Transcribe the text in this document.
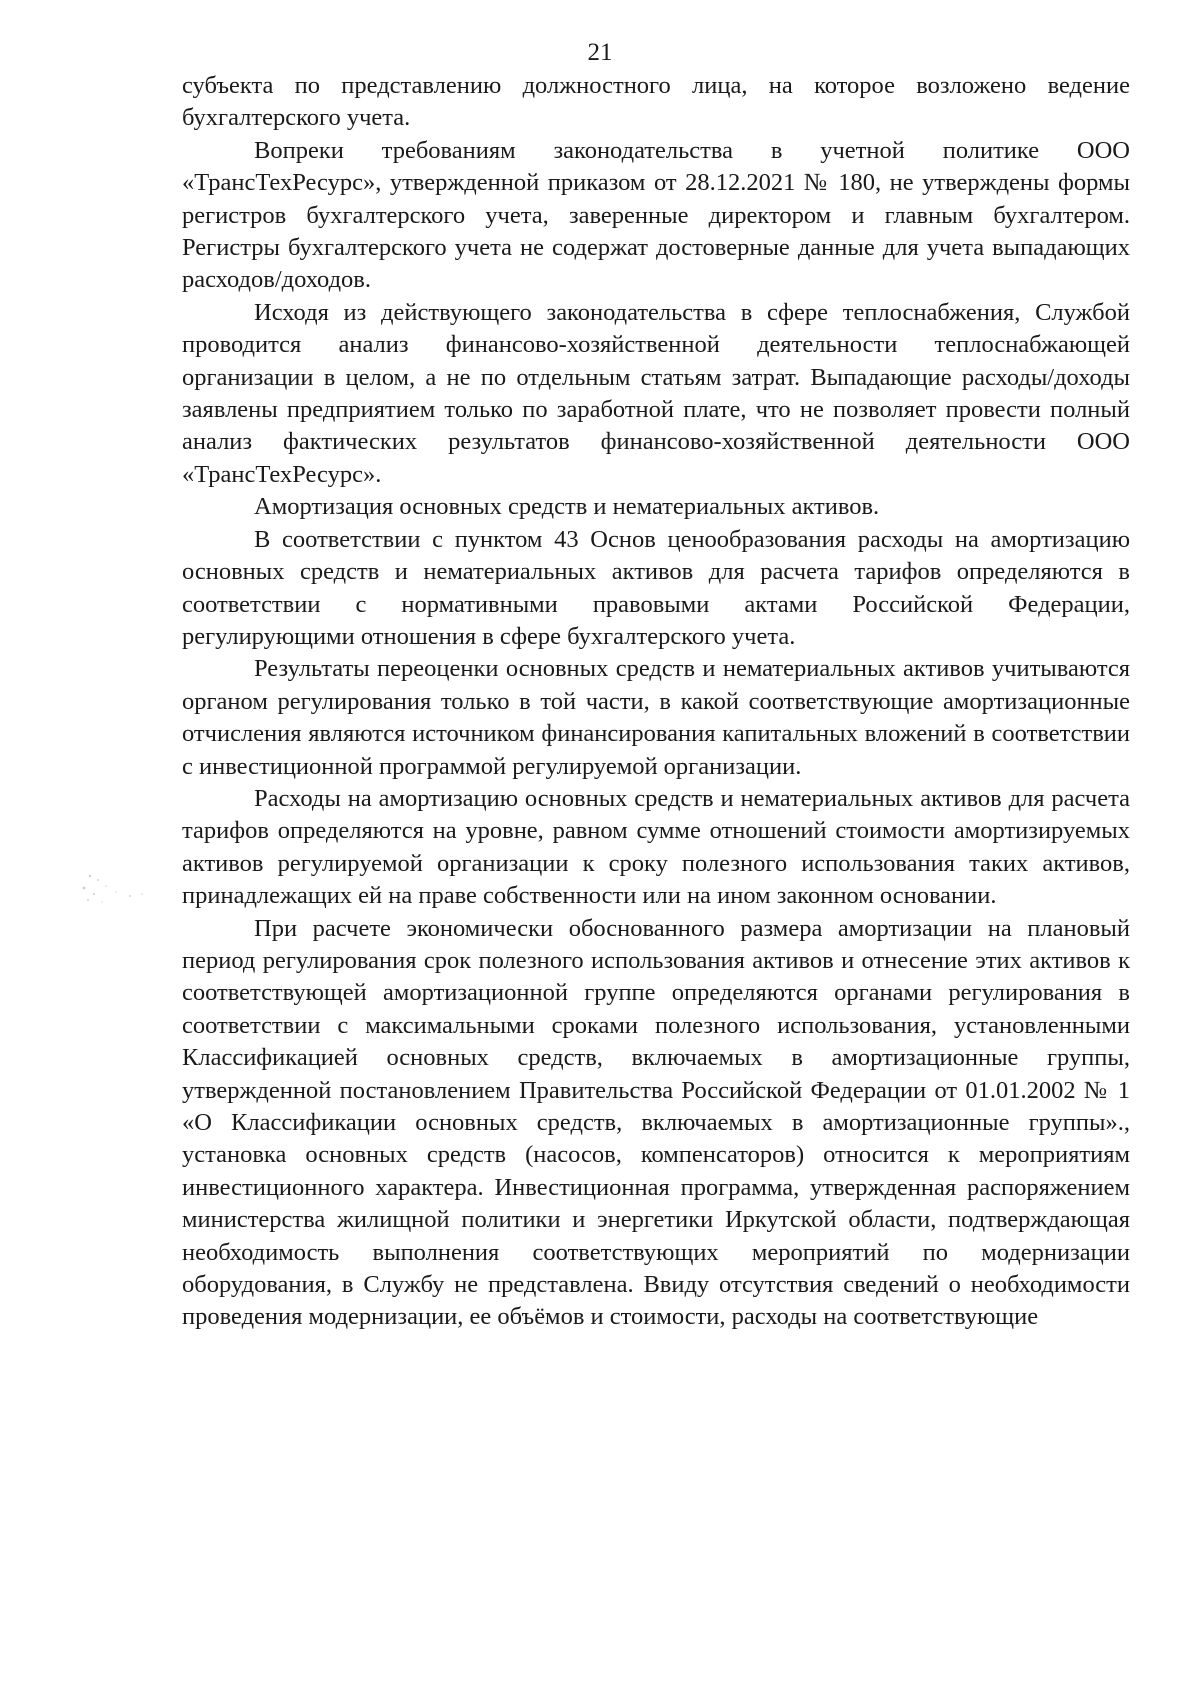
21

субъекта по представлению должностного лица, на которое возложено ведение бухгалтерского учета.

Вопреки требованиям законодательства в учетной политике ООО «ТрансТехРесурс», утвержденной приказом от 28.12.2021 № 180, не утверждены формы регистров бухгалтерского учета, заверенные директором и главным бухгалтером. Регистры бухгалтерского учета не содержат достоверные данные для учета выпадающих расходов/доходов.

Исходя из действующего законодательства в сфере теплоснабжения, Службой проводится анализ финансово-хозяйственной деятельности теплоснабжающей организации в целом, а не по отдельным статьям затрат. Выпадающие расходы/доходы заявлены предприятием только по заработной плате, что не позволяет провести полный анализ фактических результатов финансово-хозяйственной деятельности ООО «ТрансТехРесурс».

Амортизация основных средств и нематериальных активов.

В соответствии с пунктом 43 Основ ценообразования расходы на амортизацию основных средств и нематериальных активов для расчета тарифов определяются в соответствии с нормативными правовыми актами Российской Федерации, регулирующими отношения в сфере бухгалтерского учета.

Результаты переоценки основных средств и нематериальных активов учитываются органом регулирования только в той части, в какой соответствующие амортизационные отчисления являются источником финансирования капитальных вложений в соответствии с инвестиционной программой регулируемой организации.

Расходы на амортизацию основных средств и нематериальных активов для расчета тарифов определяются на уровне, равном сумме отношений стоимости амортизируемых активов регулируемой организации к сроку полезного использования таких активов, принадлежащих ей на праве собственности или на ином законном основании.

При расчете экономически обоснованного размера амортизации на плановый период регулирования срок полезного использования активов и отнесение этих активов к соответствующей амортизационной группе определяются органами регулирования в соответствии с максимальными сроками полезного использования, установленными Классификацией основных средств, включаемых в амортизационные группы, утвержденной постановлением Правительства Российской Федерации от 01.01.2002 № 1 «О Классификации основных средств, включаемых в амортизационные группы»., установка основных средств (насосов, компенсаторов) относится к мероприятиям инвестиционного характера. Инвестиционная программа, утвержденная распоряжением министерства жилищной политики и энергетики Иркутской области, подтверждающая необходимость выполнения соответствующих мероприятий по модернизации оборудования, в Службу не представлена. Ввиду отсутствия сведений о необходимости проведения модернизации, ее объёмов и стоимости, расходы на соответствующие
